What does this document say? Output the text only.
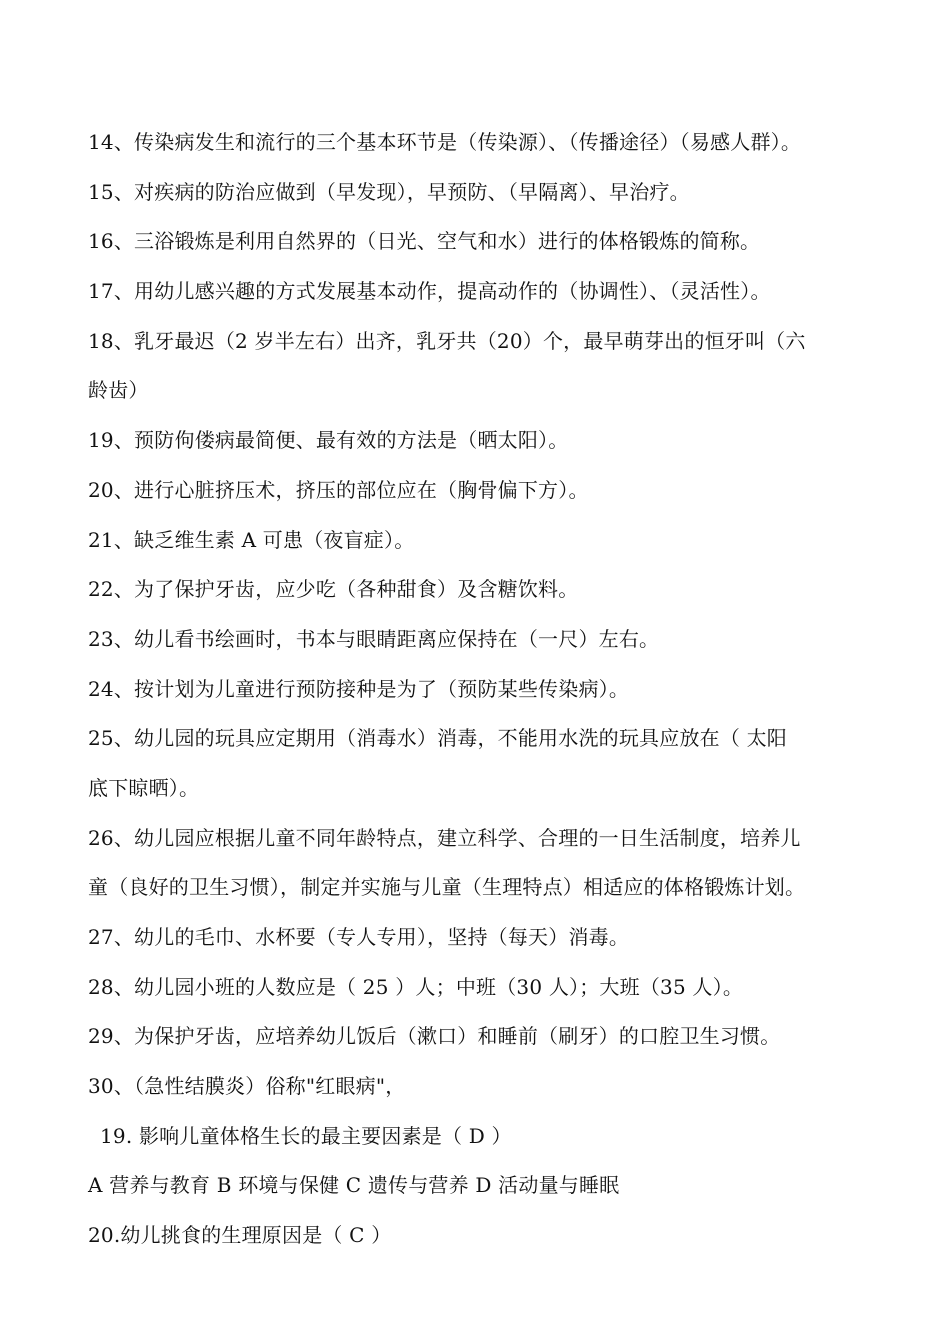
14、传染病发生和流行的三个基本环节是（传染源）、（传播途径）（易感人群）。
15、对疾病的防治应做到（早发现），早预防、（早隔离）、早治疗。
16、三浴锻炼是利用自然界的（日光、空气和水）进行的体格锻炼的简称。
17、用幼儿感兴趣的方式发展基本动作，提高动作的（协调性）、（灵活性）。
18、乳牙最迟（2 岁半左右）出齐，乳牙共（20）个，最早萌芽出的恒牙叫（六
龄齿）
19、预防佝偻病最简便、最有效的方法是（晒太阳）。
20、进行心脏挤压术，挤压的部位应在（胸骨偏下方）。
21、缺乏维生素 A 可患（夜盲症）。
22、为了保护牙齿，应少吃（各种甜食）及含糖饮料。
23、幼儿看书绘画时，书本与眼睛距离应保持在（一尺）左右。
24、按计划为儿童进行预防接种是为了（预防某些传染病）。
25、幼儿园的玩具应定期用（消毒水）消毒，不能用水洗的玩具应放在（ 太阳
底下晾晒）。
26、幼儿园应根据儿童不同年龄特点，建立科学、合理的一日生活制度，培养儿
童（良好的卫生习惯），制定并实施与儿童（生理特点）相适应的体格锻炼计划。
27、幼儿的毛巾、水杯要（专人专用），坚持（每天）消毒。
28、幼儿园小班的人数应是（ 25 ）人；中班（30 人）；大班（35 人）。
29、为保护牙齿，应培养幼儿饭后（漱口）和睡前（刷牙）的口腔卫生习惯。
30、（急性结膜炎）俗称"红眼病"，
19. 影响儿童体格生长的最主要因素是（ D ）
A 营养与教育 B 环境与保健 C 遗传与营养 D 活动量与睡眠
20.幼儿挑食的生理原因是（ C ）
